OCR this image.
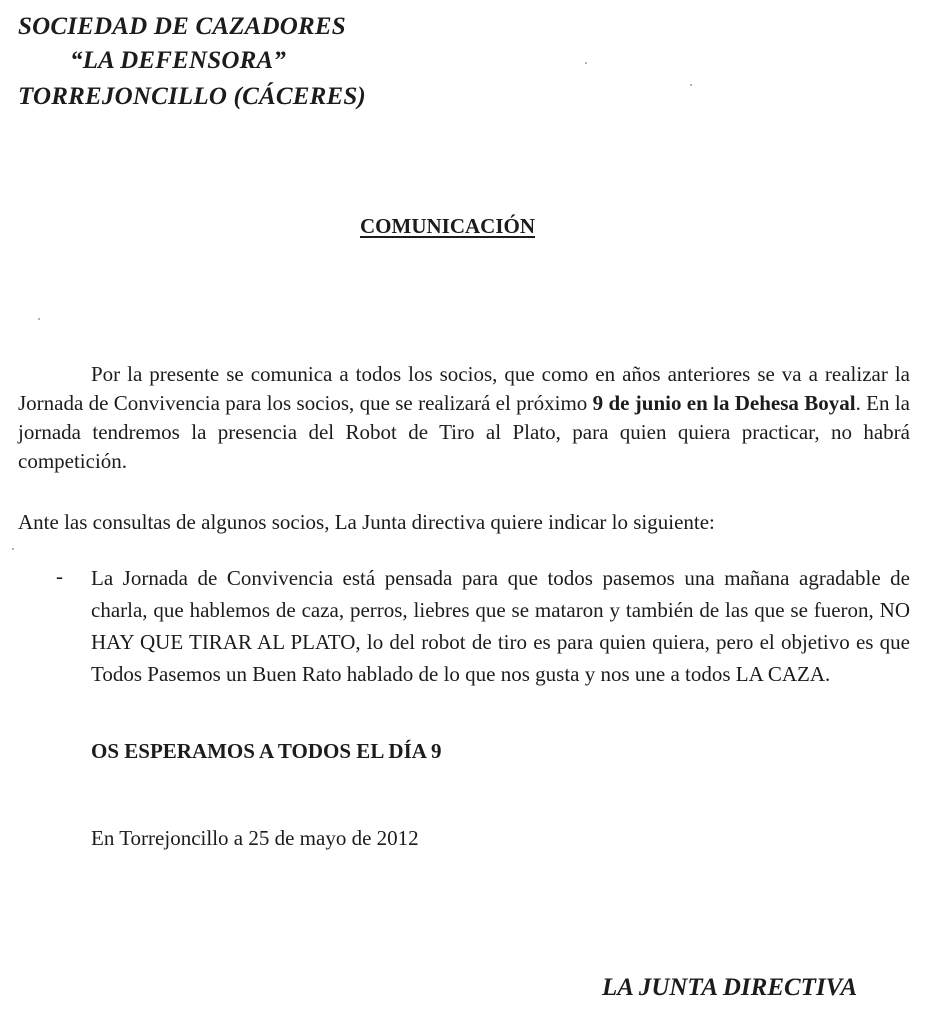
SOCIEDAD DE CAZADORES
“LA DEFENSORA”
TORREJONCILLO (CÁCERES)
COMUNICACIÓN
Por la presente se comunica a todos los socios, que como en años anteriores se va a realizar la Jornada de Convivencia para los socios, que se realizará el próximo 9 de junio en la Dehesa Boyal. En la jornada tendremos la presencia del Robot de Tiro al Plato, para quien quiera practicar, no habrá competición.
Ante las consultas de algunos socios, La Junta directiva quiere indicar lo siguiente:
- La Jornada de Convivencia está pensada para que todos pasemos una mañana agradable de charla, que hablemos de caza, perros, liebres que se mataron y también de las que se fueron, NO HAY QUE TIRAR AL PLATO, lo del robot de tiro es para quien quiera, pero el objetivo es que Todos Pasemos un Buen Rato hablado de lo que nos gusta y nos une a todos LA CAZA.
OS ESPERAMOS A TODOS EL DÍA 9
En Torrejoncillo a 25 de mayo de 2012
LA JUNTA DIRECTIVA
